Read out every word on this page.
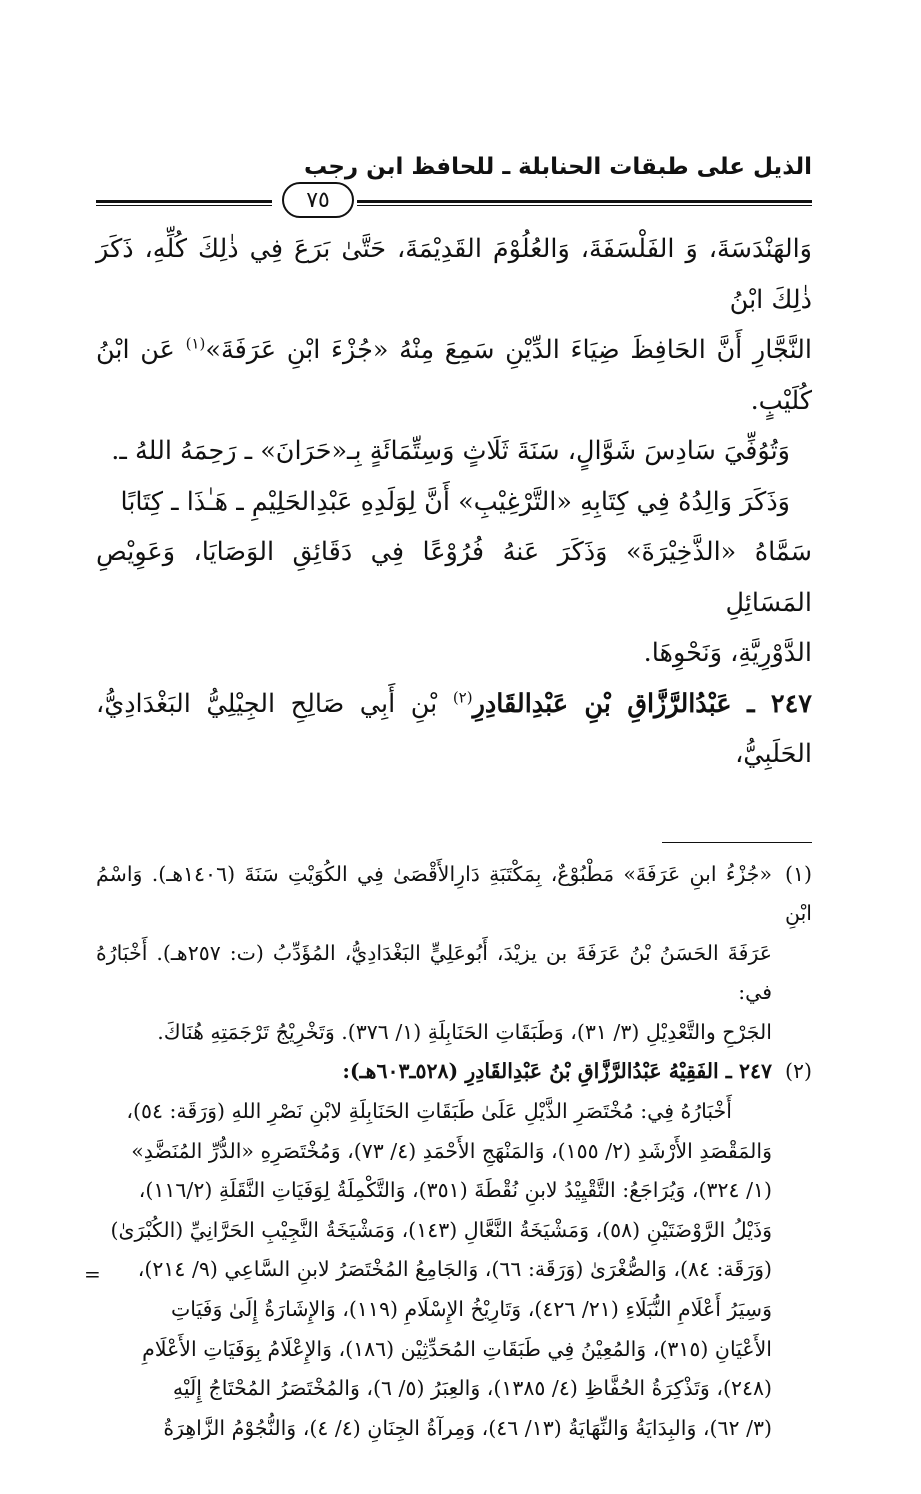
الذيل على طبقات الحنابلة ـ للحافظ ابن رجب
٧٥

وَالهَنْدَسَةَ، وَ الفَلْسَفَةَ، وَالعُلُوْمَ القَدِيْمَةَ، حَتَّىٰ بَرَعَ فِي ذٰلِكَ كُلِّهِ، ذَكَرَ ذٰلِكَ ابْنُ

النَّجَّارِ أَنَّ الحَافِظَ ضِيَاءَ الدِّيْنِ سَمِعَ مِنْهُ «جُزْءَ ابْنِ عَرَفَةَ»$^{(١)}$ عَن ابْنُ كُلَيْبٍ.

وَتُوُفِّيَ سَادِسَ شَوَّالٍ، سَنَةَ ثَلَاثٍ وَسِتِّمَائَةٍ بِـ«حَرَانَ» ـ رَحِمَهُ اللهُ ـ.

وَذَكَرَ وَالِدُهُ فِي كِتَابِهِ «التَّرْغِيْبِ» أَنَّ لِوَلَدِهِ عَبْدِالحَلِيْمِ ـ هَـٰذَا ـ كِتَابًا

سَمَّاهُ «الذَّخِيْرَةَ» وَذَكَرَ عَنهُ فُرُوْعًا فِي دَقَائِقِ الوَصَايَا، وَعَوِيْصِ المَسَائِلِ

الدَّوْرِيَّةِ، وَنَحْوِهَا.

٢٤٧ ـ عَبْدُالرَّزَّاقِ بْنِ عَبْدِالقَادِرِ$^{(٢)}$ بْنِ أَبِي صَالِحِ الجِيْلِيُّ البَغْدَادِيُّ، الحَلَبِيُّ،

(١)«جُزْءُ ابنِ عَرَفَةَ» مَطْبُوْعٌ، بِمَكْتَبَةِ دَارِالأَقْصَىٰ فِي الكُوَيْتِ سَنَةَ (١٤٠٦هـ). وَاسْمُ ابْنِ

عَرَفَةَ الحَسَنُ بْنُ عَرَفَةَ بن يزيْدَ، أَبُوعَلِيٍّ البَغْدَادِيُّ، المُؤَدِّبُ (ت: ٢٥٧هـ). أَخْبَارُهُ في:

الجَرْحِ والتَّعْدِيْلِ (٣/ ٣١)، وَطَبَقَاتِ الحَنَابِلَةِ (١/ ٣٧٦). وَتَخْرِيْجُ تَرْجَمَتِهِ هُنَاكَ.

(٢)٢٤٧ ـ الفَقِيْهُ عَبْدُالرَّزَّاقِ بْنُ عَبْدِالقَادِرِ (٥٢٨ـ٦٠٣هـ):

أَخْبَارُهُ فِي: مُخْتَصَرِ الذَّيْلِ عَلَىٰ طَبَقَاتِ الحَنَابِلَةِ لابْنِ نَصْرِ اللهِ (وَرَقَة: ٥٤)،

وَالمَقْصَدِ الأَرْشَدِ (٢/ ١٥٥)، وَالمَنْهَجِ الأَحْمَدِ (٤/ ٧٣)، وَمُخْتَصَرِهِ «الدُّرِّ المُنَضَّدِ»

(١/ ٣٢٤)، وَيُرَاجَعُ: التَّقْيِيْدُ لابنِ نُقْطَةَ (٣٥١)، وَالتَّكْمِلَةُ لِوَفَيَاتِ النَّقَلَةِ (١١٦/٢)،

وَذَيْلُ الرَّوْضَتَيْنِ (٥٨)، وَمَشْيَخَةُ النَّعَّالِ (١٤٣)، وَمَشْيَخَةُ النَّجِيْبِ الحَرَّانِيِّ (الكُبْرَىٰ)

(وَرَقَة: ٨٤)، وَالصُّغْرَىٰ (وَرَقَة: ٦٦)، وَالجَامِعُ المُخْتَصَرُ لابنِ السَّاعِي (٩/ ٢١٤)،

وَسِيَرُ أَعْلَامِ النُّبَلَاءِ (٢١/ ٤٢٦)، وَتَارِيْخُ الإِسْلَامِ (١١٩)، وَالإِشَارَةُ إِلَىٰ وَفَيَاتِ

الأَعْيَانِ (٣١٥)، وَالمُعِيْنُ فِي طَبَقَاتِ المُحَدِّثِيْن (١٨٦)، وَالإِعْلَامُ بِوَفَيَاتِ الأَعْلَامِ

(٢٤٨)، وَتَذْكِرَةُ الحُفَّاظِ (٤/ ١٣٨٥)، وَالعِبَرُ (٥/ ٦)، وَالمُخْتَصَرُ المُحْتَاجُ إِلَيْهِ

(٣/ ٦٢)، وَالبِدَايَةُ وَالنِّهَايَةُ (١٣/ ٤٦)، وَمِرآةُ الجِنَانِ (٤/ ٤)، وَالنُّجُوْمُ الزَّاهِرَةُ

=
